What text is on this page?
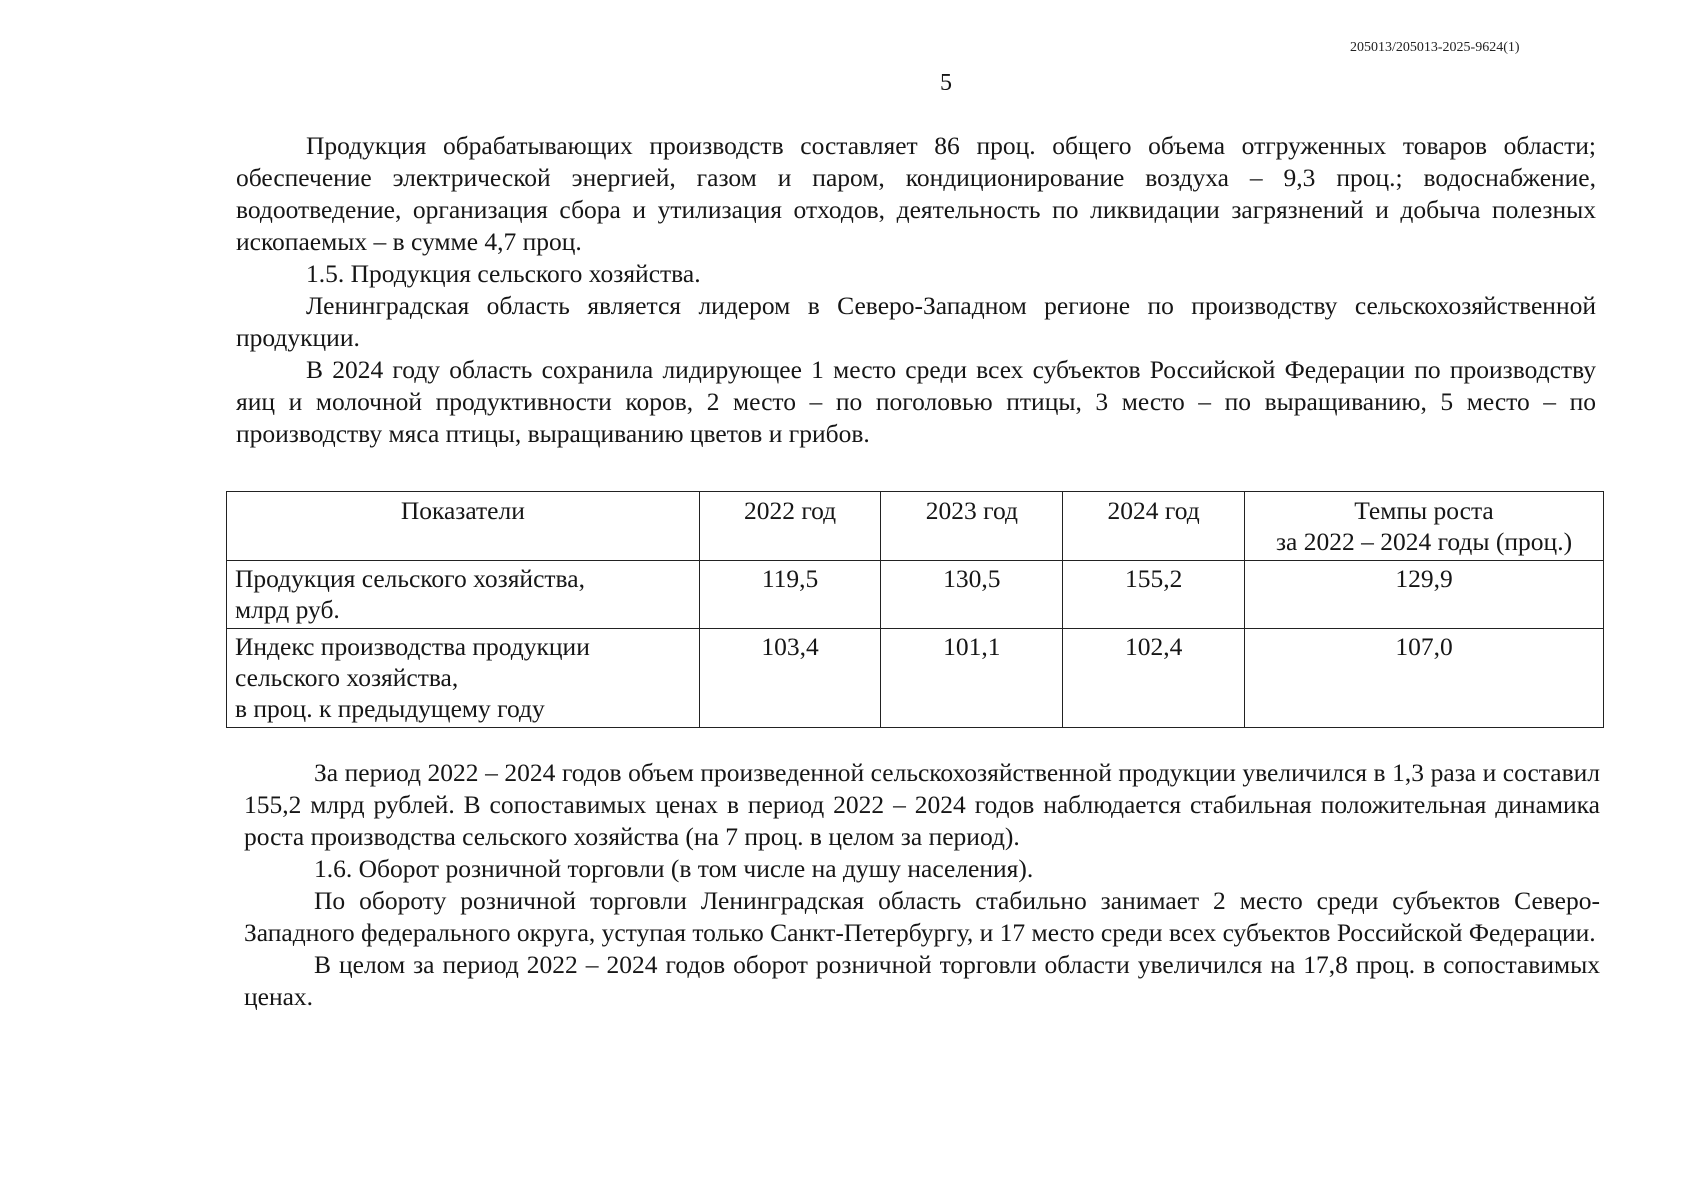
205013/205013-2025-9624(1)
5

Продукция обрабатывающих производств составляет 86 проц. общего объема отгруженных товаров области; обеспечение электрической энергией, газом и паром, кондиционирование воздуха – 9,3 проц.; водоснабжение, водоотведение, организация сбора и утилизация отходов, деятельность по ликвидации загрязнений и добыча полезных ископаемых – в сумме 4,7 проц.

1.5. Продукция сельского хозяйства.

Ленинградская область является лидером в Северо-Западном регионе по производству сельскохозяйственной продукции.

В 2024 году область сохранила лидирующее 1 место среди всех субъектов Российской Федерации по производству яиц и молочной продуктивности коров, 2 место – по поголовью птицы, 3 место – по выращиванию, 5 место – по производству мяса птицы, выращиванию цветов и грибов.

Показатели	2022 год	2023 год	2024 год	Темпы роста
за 2022 – 2024 годы (проц.)

Продукция сельского хозяйства,
млрд руб.	119,5	130,5	155,2	129,9

Индекс производства продукции
сельского хозяйства,
в проц. к предыдущему году	103,4	101,1	102,4	107,0

За период 2022 – 2024 годов объем произведенной сельскохозяйственной продукции увеличился в 1,3 раза и составил 155,2 млрд рублей. В сопоставимых ценах в период 2022 – 2024 годов наблюдается стабильная положительная динамика роста производства сельского хозяйства (на 7 проц. в целом за период).

1.6. Оборот розничной торговли (в том числе на душу населения).

По обороту розничной торговли Ленинградская область стабильно занимает 2 место среди субъектов Северо-Западного федерального округа, уступая только Санкт-Петербургу, и 17 место среди всех субъектов Российской Федерации.

В целом за период 2022 – 2024 годов оборот розничной торговли области увеличился на 17,8 проц. в сопоставимых ценах.
